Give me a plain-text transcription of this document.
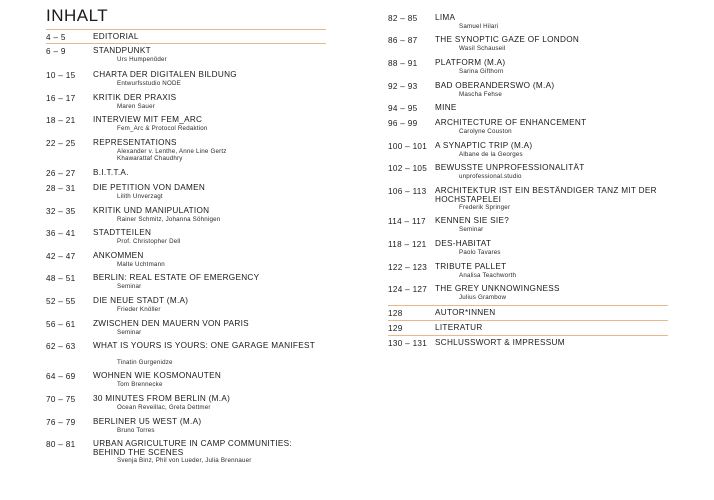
INHALT
4 – 5	EDITORIAL
6 – 9	STANDPUNKT
Urs Humpenöder
10 – 15 CHARTA DER DIGITALEN BILDUNG
Entwurfsstudio NODE
16 – 17 KRITIK DER PRAXIS
Maren Sauer
18 – 21 INTERVIEW MIT FEM_ARC
Fem_Arc & Protocol Redaktion
22 – 25 REPRESENTATIONS
Alexander v. Lenthe, Anne Line Gertz
Khawarattaf Chaudhry
26 – 27 B.I.T.T.A.
28 – 31 DIE PETITION VON DAMEN
Lilith Unverzagt
32 – 35 KRITIK UND MANIPULATION
Rainer Schmitz, Johanna Söhnigen
36 – 41 STADTTEILEN
Prof. Christopher Dell
42 – 47 ANKOMMEN
Malte Uchtmann
48 – 51 BERLIN: REAL ESTATE OF EMERGENCY
Seminar
52 – 55 DIE NEUE STADT (M.A)
Frieder Knöller
56 – 61 ZWISCHEN DEN MAUERN VON PARIS
Seminar
62 – 63 WHAT IS YOURS IS YOURS: ONE GARAGE MANIFEST
Tinatin Gurgenidze
64 – 69 WOHNEN WIE KOSMONAUTEN
Tom Brennecke
70 – 75 30 MINUTES FROM BERLIN (M.A)
Ocean Reveillac, Greta Dettmer
76 – 79 BERLINER U5 WEST (M.A)
Bruno Torres
80 – 81 URBAN AGRICULTURE IN CAMP COMMUNITIES: BEHIND THE SCENES
Svenja Binz, Phil von Lueder, Julia Brennauer
82 – 85 LIMA
Samuel Hilari
86 – 87 THE SYNOPTIC GAZE OF LONDON
Wasil Schauseil
88 – 91 PLATFORM (M.A)
Sarina Gifthorn
92 – 93 BAD OBERANDERSWO (M.A)
Mascha Fehse
94 – 95 MINE
96 – 99 ARCHITECTURE OF ENHANCEMENT
Carolyne Couston
100 – 101 A SYNAPTIC TRIP (M.A)
Albane de la Georges
102 – 105 BEWUSSTE UNPROFESSIONALITÄT
unprofessional.studio
106 – 113 ARCHITEKTUR IST EIN BESTÄNDIGER TANZ MIT DER HOCHSTAPELEI
Frederik Springer
114 – 117 KENNEN SIE SIE?
Seminar
118 – 121 DES-HABITAT
Paolo Tavares
122 – 123 TRIBUTE PALLET
Analisa Teachworth
124 – 127 THE GREY UNKNOWINGNESS
Julius Grambow
128	AUTOR*INNEN
129	LITERATUR
130 – 131 SCHLUSSWORT & IMPRESSUM
